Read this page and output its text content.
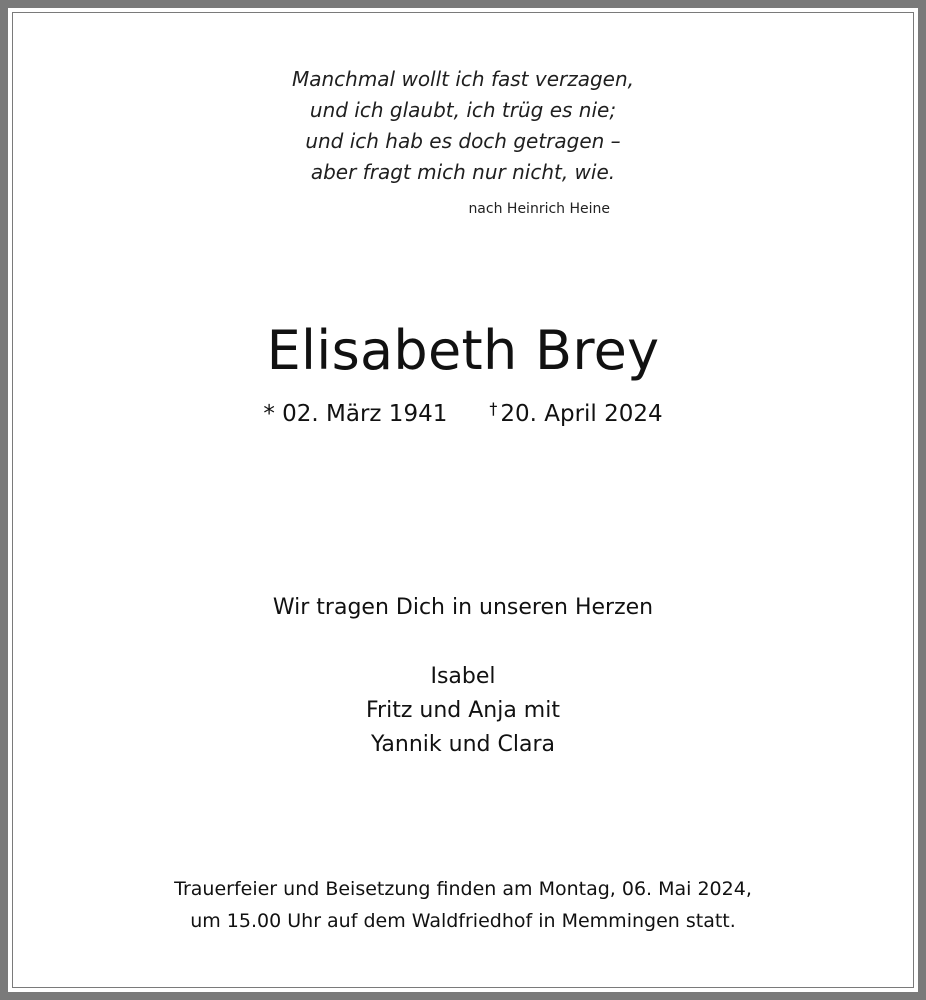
Manchmal wollt ich fast verzagen,
und ich glaubt, ich trüg es nie;
und ich hab es doch getragen –
aber fragt mich nur nicht, wie.
nach Heinrich Heine
Elisabeth Brey
* 02. März 1941	† 20. April 2024
Wir tragen Dich in unseren Herzen
Isabel
Fritz und Anja mit
Yannik und Clara
Trauerfeier und Beisetzung finden am Montag, 06. Mai 2024,
um 15.00 Uhr auf dem Waldfriedhof in Memmingen statt.
